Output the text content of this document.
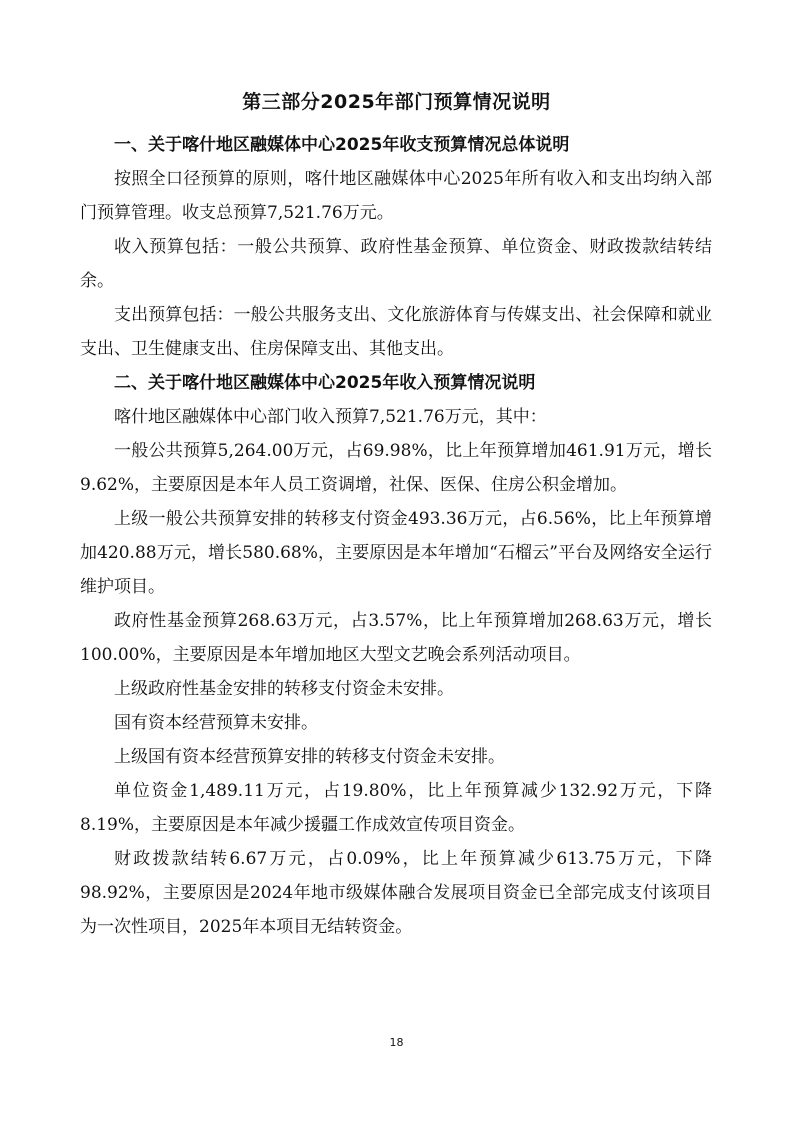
第三部分2025年部门预算情况说明
一、关于喀什地区融媒体中心2025年收支预算情况总体说明

按照全口径预算的原则，喀什地区融媒体中心2025年所有收入和支出均纳入部门预算管理。收支总预算7,521.76万元。

收入预算包括：一般公共预算、政府性基金预算、单位资金、财政拨款结转结余。

支出预算包括：一般公共服务支出、文化旅游体育与传媒支出、社会保障和就业支出、卫生健康支出、住房保障支出、其他支出。

二、关于喀什地区融媒体中心2025年收入预算情况说明

喀什地区融媒体中心部门收入预算7,521.76万元，其中：

一般公共预算5,264.00万元，占69.98%，比上年预算增加461.91万元，增长9.62%，主要原因是本年人员工资调增，社保、医保、住房公积金增加。

上级一般公共预算安排的转移支付资金493.36万元，占6.56%，比上年预算增加420.88万元，增长580.68%，主要原因是本年增加“石榴云”平台及网络安全运行维护项目。

政府性基金预算268.63万元，占3.57%，比上年预算增加268.63万元，增长100.00%，主要原因是本年增加地区大型文艺晚会系列活动项目。

上级政府性基金安排的转移支付资金未安排。

国有资本经营预算未安排。

上级国有资本经营预算安排的转移支付资金未安排。

单位资金1,489.11万元，占19.80%，比上年预算减少132.92万元，下降8.19%，主要原因是本年减少援疆工作成效宣传项目资金。

财政拨款结转6.67万元，占0.09%，比上年预算减少613.75万元，下降98.92%，主要原因是2024年地市级媒体融合发展项目资金已全部完成支付该项目为一次性项目，2025年本项目无结转资金。

18
